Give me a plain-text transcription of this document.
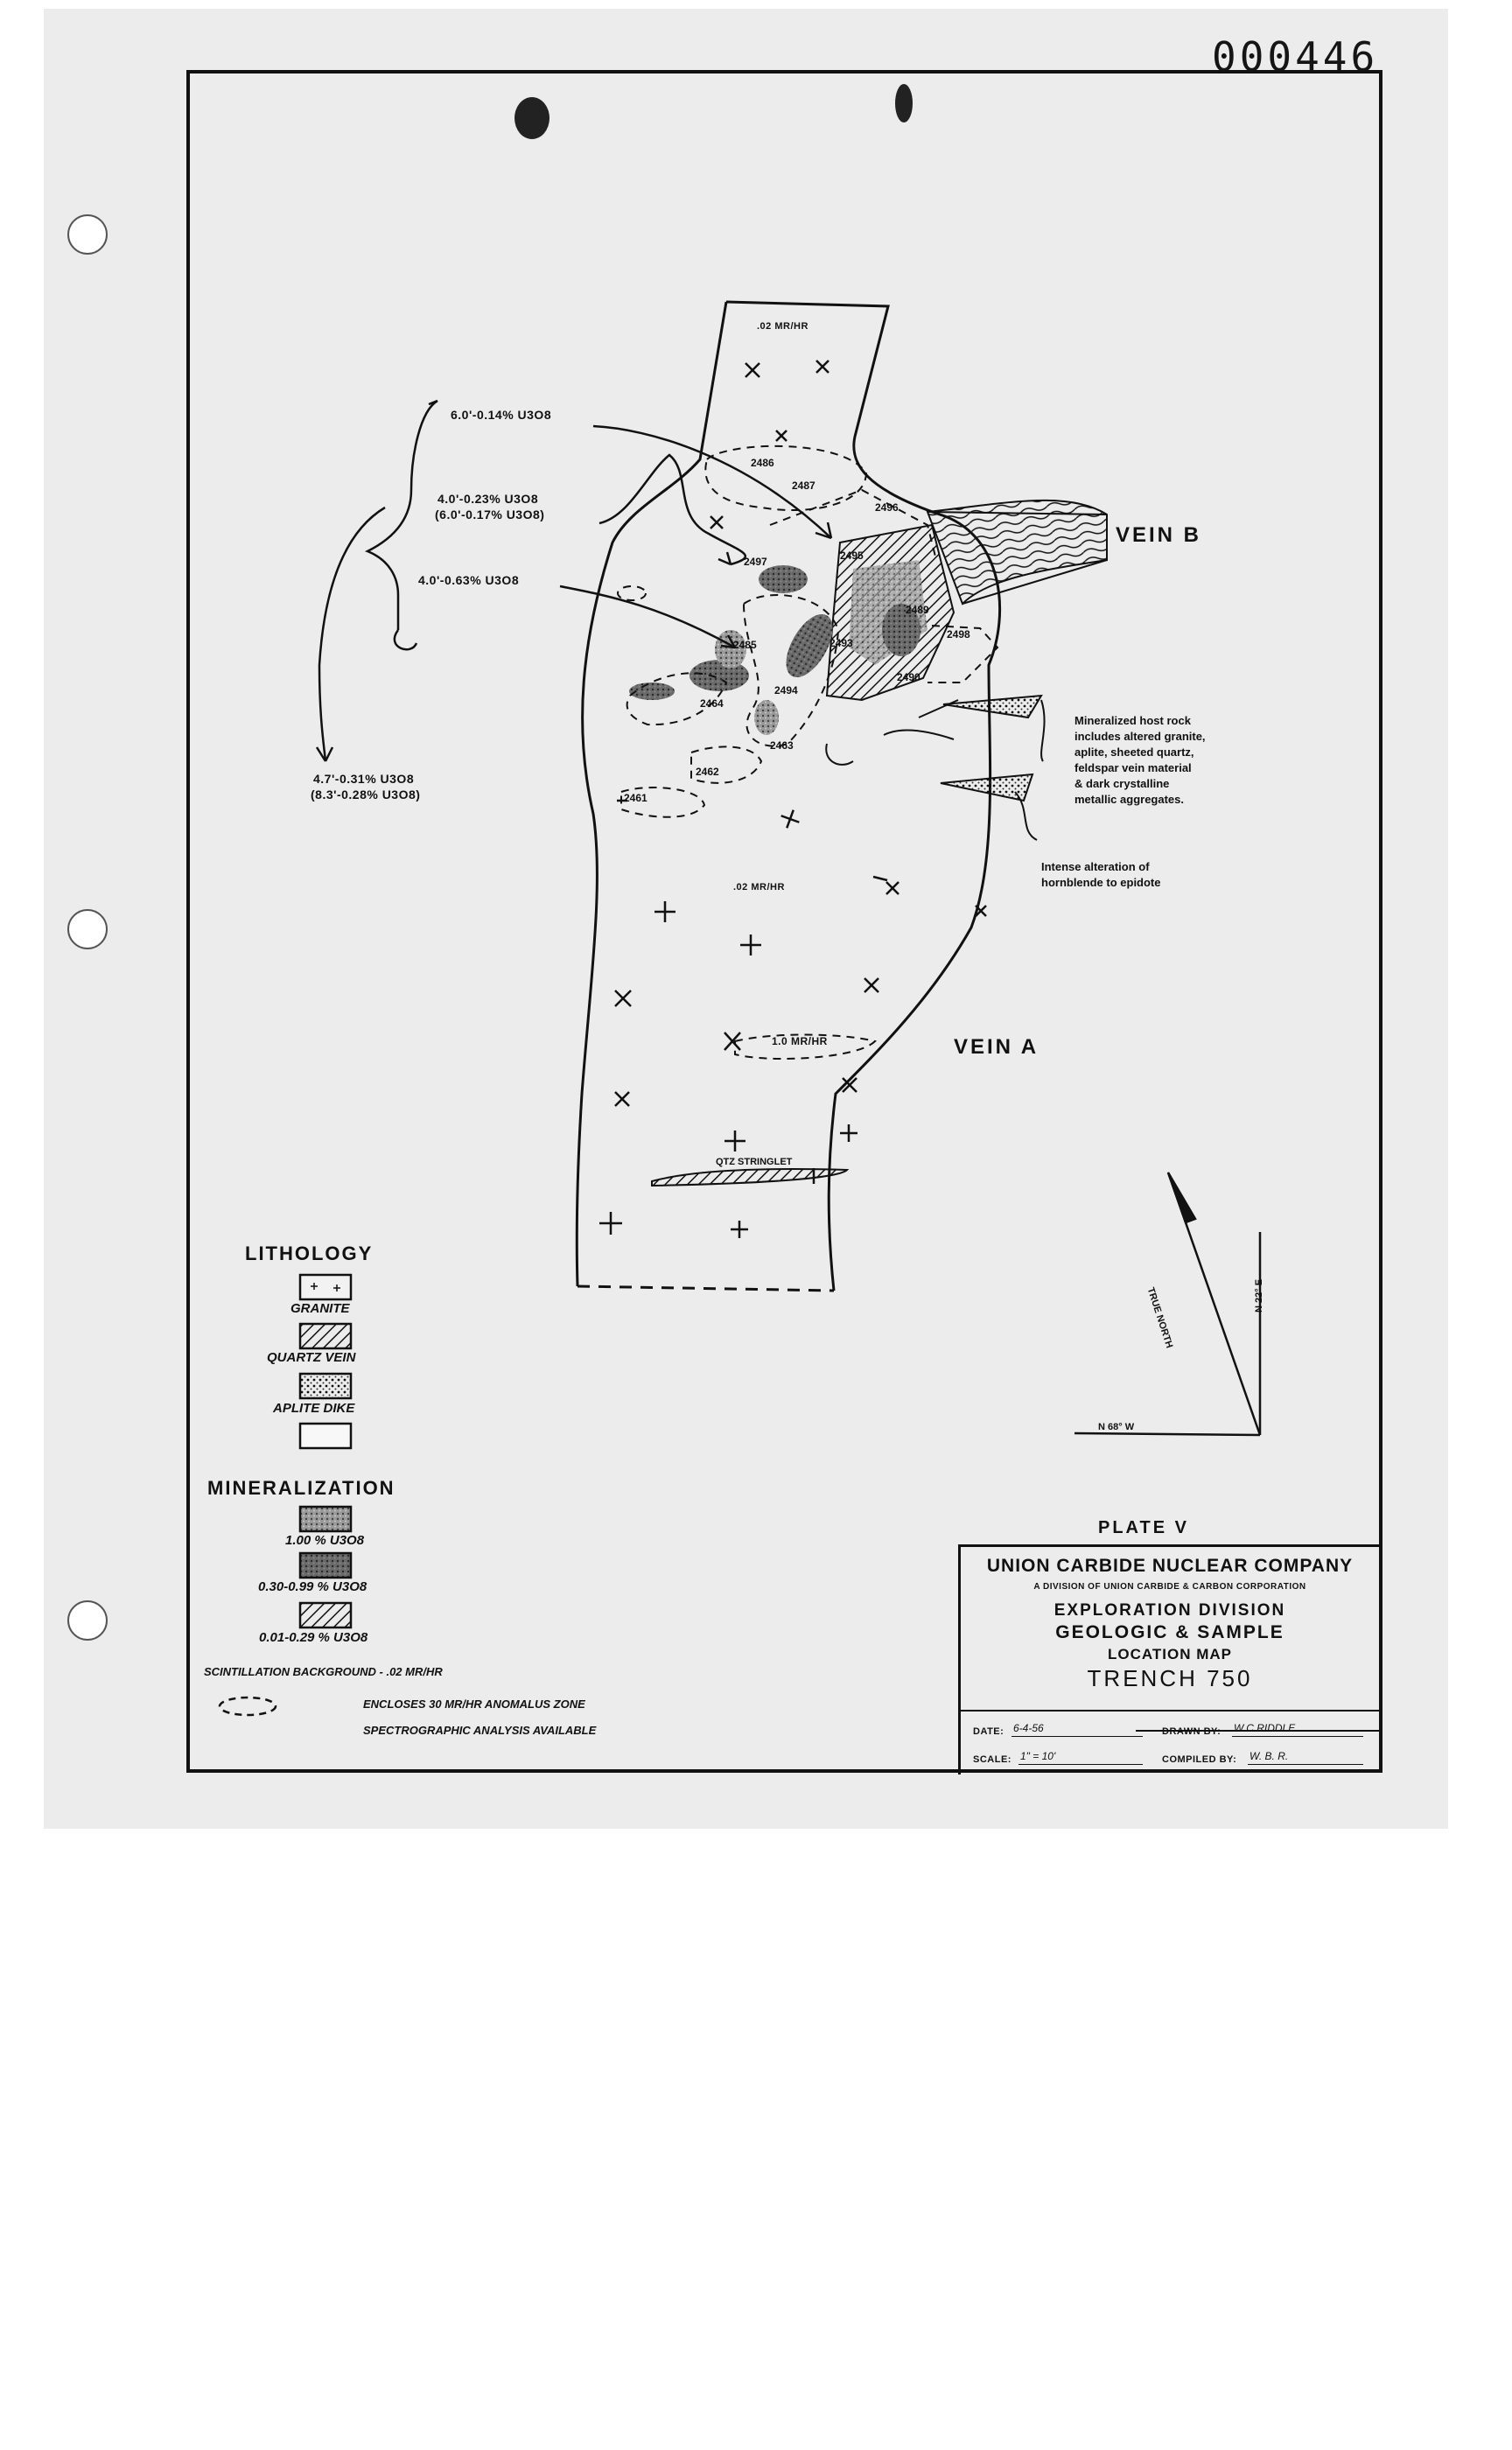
000446
.02 MR/HR
.02 MR/HR
1.0 MR/HR
VEIN B
VEIN A
QTZ STRINGLET
6.0'-0.14% U3O8
4.0'-0.23% U3O8
(6.0'-0.17% U3O8)
4.0'-0.63% U3O8
4.7'-0.31% U3O8
(8.3'-0.28% U3O8)
Mineralized host rock
includes altered granite,
aplite, sheeted quartz,
feldspar vein material
& dark crystalline
metallic aggregates.
Intense alteration of
hornblende to epidote
2486
2487
2496
2497	2495
2485
2494
2493
2498
2490
2464
2463
2462
2461
2489
TRUE NORTH	N 22° E
N 68° W
LITHOLOGY
GRANITE
QUARTZ VEIN
APLITE DIKE
MINERALIZATION
1.00 % U3O8
0.30-0.99 % U3O8
0.01-0.29 % U3O8
SCINTILLATION BACKGROUND - .02 MR/HR
ENCLOSES 30 MR/HR ANOMALUS ZONE
SPECTROGRAPHIC ANALYSIS AVAILABLE
PLATE V
UNION CARBIDE NUCLEAR COMPANY
A DIVISION OF UNION CARBIDE & CARBON CORPORATION
EXPLORATION DIVISION
GEOLOGIC & SAMPLE
LOCATION MAP
TRENCH 750
DATE: 6-4-56	DRAWN BY: W.C.RIDDLE
SCALE: 1" = 10'	COMPILED BY: W. B. R.
